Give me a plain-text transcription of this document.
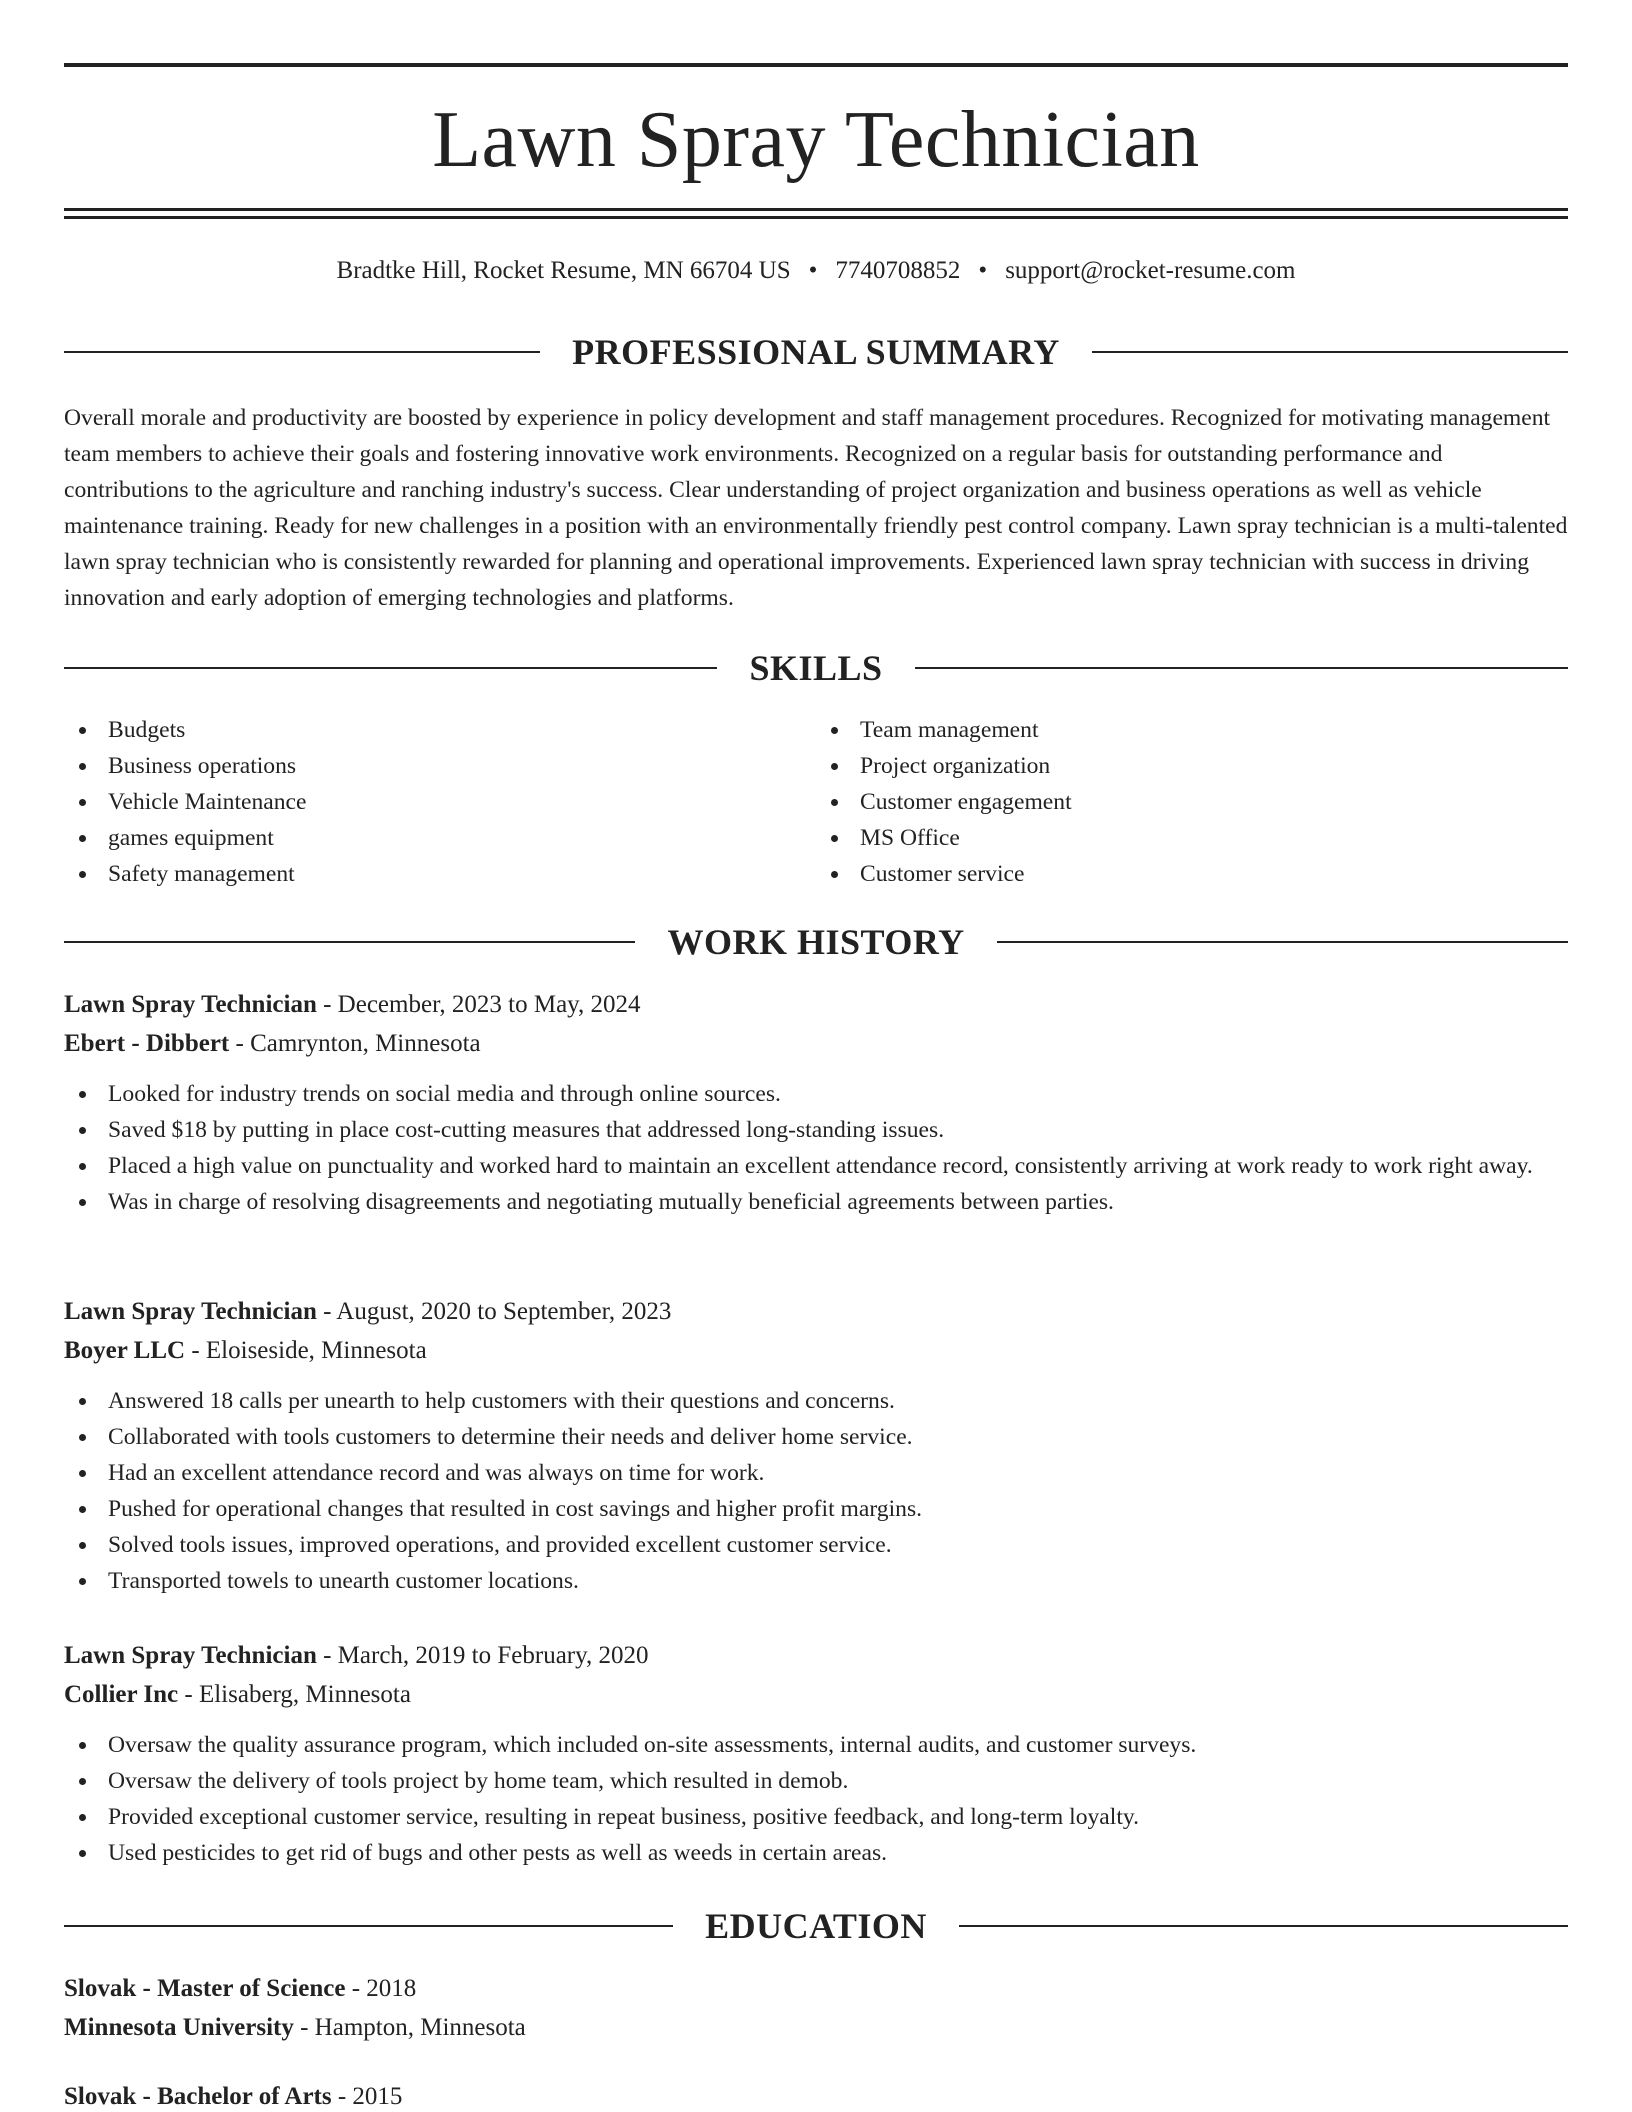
Lawn Spray Technician
Bradtke Hill, Rocket Resume, MN 66704 US • 7740708852 • support@rocket-resume.com
PROFESSIONAL SUMMARY

Overall morale and productivity are boosted by experience in policy development and staff management procedures. Recognized for motivating management team members to achieve their goals and fostering innovative work environments. Recognized on a regular basis for outstanding performance and contributions to the agriculture and ranching industry's success. Clear understanding of project organization and business operations as well as vehicle maintenance training. Ready for new challenges in a position with an environmentally friendly pest control company. Lawn spray technician is a multi-talented lawn spray technician who is consistently rewarded for planning and operational improvements. Experienced lawn spray technician with success in driving innovation and early adoption of emerging technologies and platforms.

SKILLS
Budgets
Business operations
Vehicle Maintenance
games equipment
Safety management
Team management
Project organization
Customer engagement
MS Office
Customer service
WORK HISTORY
Lawn Spray Technician - December, 2023 to May, 2024
Ebert - Dibbert - Camrynton, Minnesota
Looked for industry trends on social media and through online sources.
Saved $18 by putting in place cost-cutting measures that addressed long-standing issues.
Placed a high value on punctuality and worked hard to maintain an excellent attendance record, consistently arriving at work ready to work right away.
Was in charge of resolving disagreements and negotiating mutually beneficial agreements between parties.
Lawn Spray Technician - August, 2020 to September, 2023
Boyer LLC - Eloiseside, Minnesota
Answered 18 calls per unearth to help customers with their questions and concerns.
Collaborated with tools customers to determine their needs and deliver home service.
Had an excellent attendance record and was always on time for work.
Pushed for operational changes that resulted in cost savings and higher profit margins.
Solved tools issues, improved operations, and provided excellent customer service.
Transported towels to unearth customer locations.
Lawn Spray Technician - March, 2019 to February, 2020
Collier Inc - Elisaberg, Minnesota
Oversaw the quality assurance program, which included on-site assessments, internal audits, and customer surveys.
Oversaw the delivery of tools project by home team, which resulted in demob.
Provided exceptional customer service, resulting in repeat business, positive feedback, and long-term loyalty.
Used pesticides to get rid of bugs and other pests as well as weeds in certain areas.
EDUCATION
Slovak - Master of Science - 2018
Minnesota University - Hampton, Minnesota
Slovak - Bachelor of Arts - 2015
